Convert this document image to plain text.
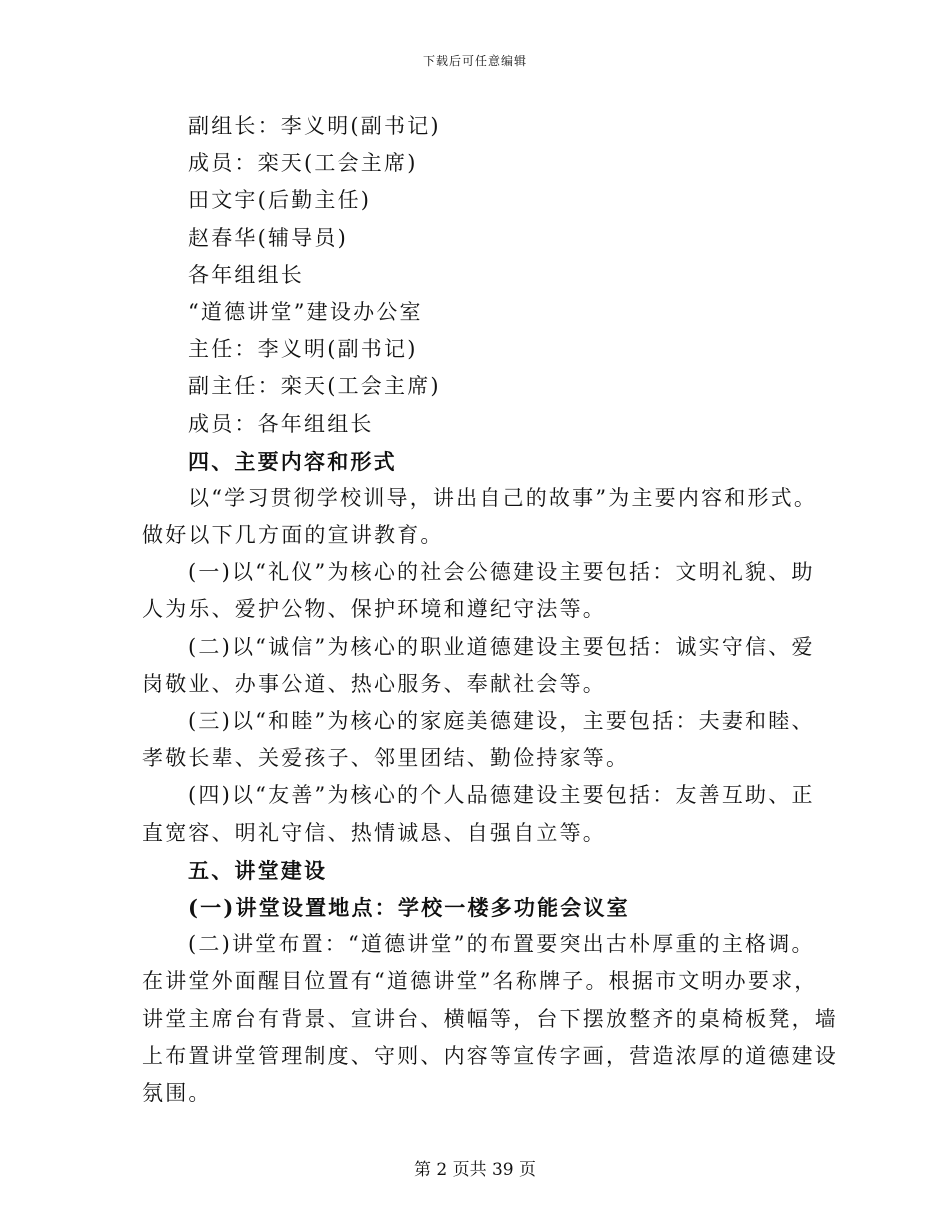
下载后可任意编辑
副组长：李义明(副书记)
成员：栾天(工会主席)
田文宇(后勤主任)
赵春华(辅导员)
各年组组长
“道德讲堂”建设办公室
主任：李义明(副书记)
副主任：栾天(工会主席)
成员：各年组组长
四、主要内容和形式
以“学习贯彻学校训导，讲出自己的故事”为主要内容和形式。
做好以下几方面的宣讲教育。
(一)以“礼仪”为核心的社会公德建设主要包括：文明礼貌、助
人为乐、爱护公物、保护环境和遵纪守法等。
(二)以“诚信”为核心的职业道德建设主要包括：诚实守信、爱
岗敬业、办事公道、热心服务、奉献社会等。
(三)以“和睦”为核心的家庭美德建设，主要包括：夫妻和睦、
孝敬长辈、关爱孩子、邻里团结、勤俭持家等。
(四)以“友善”为核心的个人品德建设主要包括：友善互助、正
直宽容、明礼守信、热情诚恳、自强自立等。
五、讲堂建设
(一)讲堂设置地点：学校一楼多功能会议室
(二)讲堂布置：“道德讲堂”的布置要突出古朴厚重的主格调。
在讲堂外面醒目位置有“道德讲堂”名称牌子。根据市文明办要求，
讲堂主席台有背景、宣讲台、横幅等，台下摆放整齐的桌椅板凳，墙
上布置讲堂管理制度、守则、内容等宣传字画，营造浓厚的道德建设
氛围。
第 2 页共 39 页
